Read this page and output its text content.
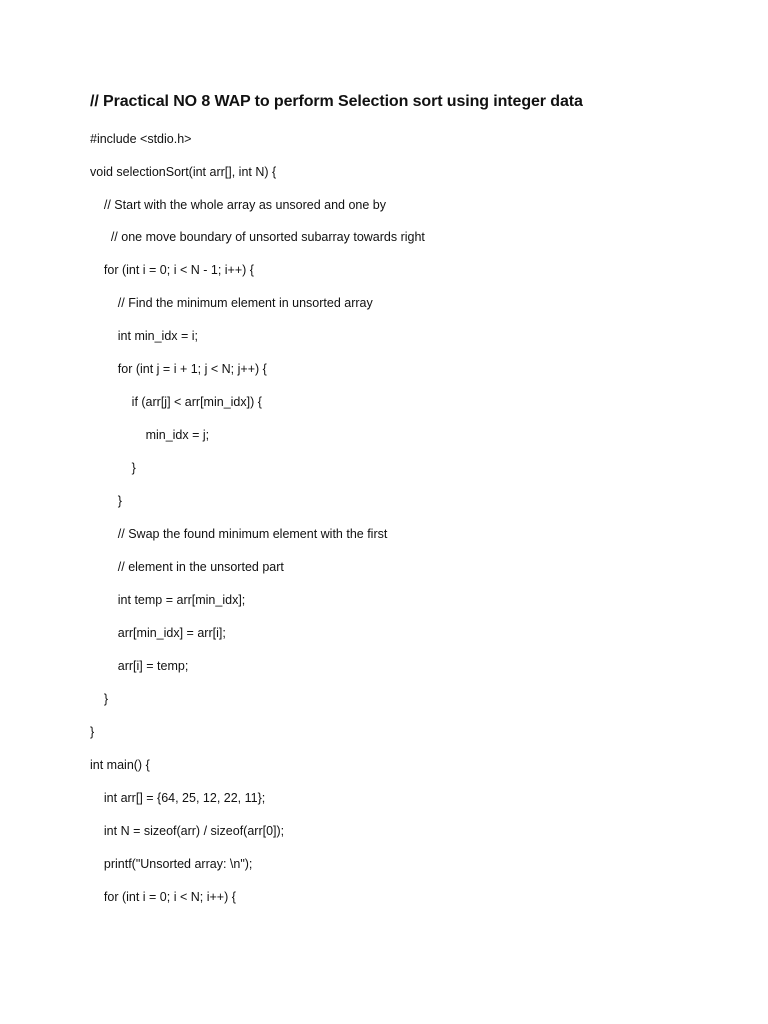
// Practical NO 8 WAP to perform Selection sort using integer data
#include <stdio.h>
void selectionSort(int arr[], int N) {
// Start with the whole array as unsored and one by
// one move boundary of unsorted subarray towards right
for (int i = 0; i < N - 1; i++) {
// Find the minimum element in unsorted array
int min_idx = i;
for (int j = i + 1; j < N; j++) {
if (arr[j] < arr[min_idx]) {
min_idx = j;
}
}
// Swap the found minimum element with the first
// element in the unsorted part
int temp = arr[min_idx];
arr[min_idx] = arr[i];
arr[i] = temp;
}
}
int main() {
int arr[] = {64, 25, 12, 22, 11};
int N = sizeof(arr) / sizeof(arr[0]);
printf("Unsorted array: \n");
for (int i = 0; i < N; i++) {
